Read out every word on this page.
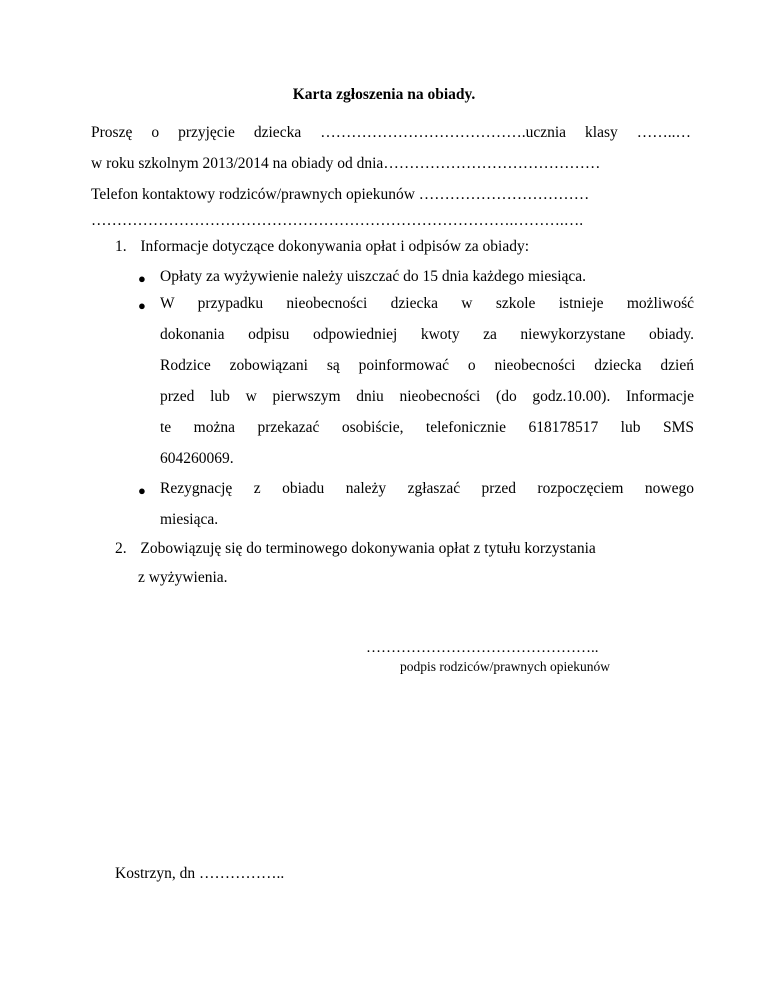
Karta zgłoszenia na obiady.
Proszę o przyjęcie dziecka ………………………………….ucznia klasy ……..…
w roku szkolnym 2013/2014 na obiady od dnia……………………………………
Telefon kontaktowy rodziców/prawnych opiekunów ……………………………
……………………………………………………………………….……….….
1. Informacje dotyczące dokonywania opłat i odpisów za obiady:
● Opłaty za wyżywienie należy uiszczać do 15 dnia każdego miesiąca.
● W przypadku nieobecności dziecka w szkole istnieje możliwość
dokonania odpisu odpowiedniej kwoty za niewykorzystane obiady.
Rodzice zobowiązani są poinformować o nieobecności dziecka dzień
przed lub w pierwszym dniu nieobecności (do godz.10.00). Informacje
te można przekazać osobiście, telefonicznie 618178517 lub SMS
604260069.
● Rezygnację z obiadu należy zgłaszać przed rozpoczęciem nowego
miesiąca.
2. Zobowiązuję się do terminowego dokonywania opłat z tytułu korzystania
z wyżywienia.
………………………………………..
podpis rodziców/prawnych opiekunów
Kostrzyn, dn ……………..
